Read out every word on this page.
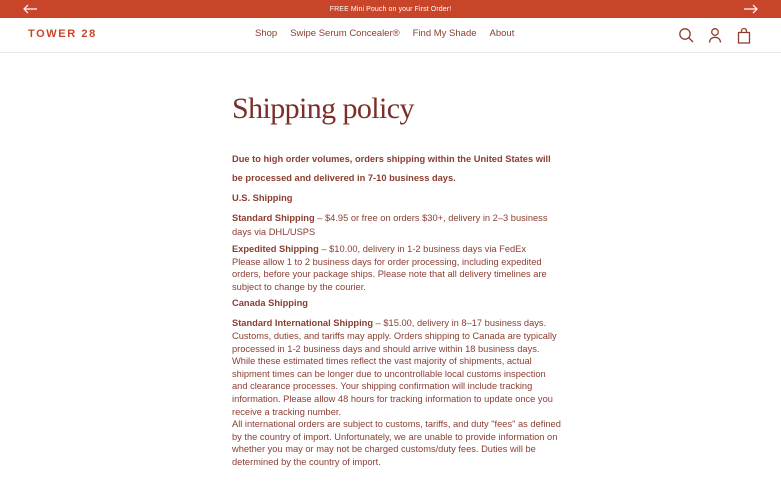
FREE Mini Pouch on your First Order!
TOWER 28	Shop Swipe Serum Concealer® Find My Shade About
Shipping policy

Due to high order volumes, orders shipping within the United States will be processed and delivered in 7-10 business days.

U.S. Shipping

Standard Shipping – $4.95 or free on orders $30+, delivery in 2–3 business days via DHL/USPS

Expedited Shipping – $10.00, delivery in 1-2 business days via FedEx

Please allow 1 to 2 business days for order processing, including expedited orders, before your package ships. Please note that all delivery timelines are subject to change by the courier.

Canada Shipping

Standard International Shipping – $15.00, delivery in 8–17 business days.

Customs, duties, and tariffs may apply. Orders shipping to Canada are typically processed in 1-2 business days and should arrive within 18 business days. While these estimated times reflect the vast majority of shipments, actual shipment times can be longer due to uncontrollable local customs inspection and clearance processes. Your shipping confirmation will include tracking information. Please allow 48 hours for tracking information to update once you receive a tracking number.

All international orders are subject to customs, tariffs, and duty "fees" as defined by the country of import. Unfortunately, we are unable to provide information on whether you may or may not be charged customs/duty fees. Duties will be determined by the country of import.
